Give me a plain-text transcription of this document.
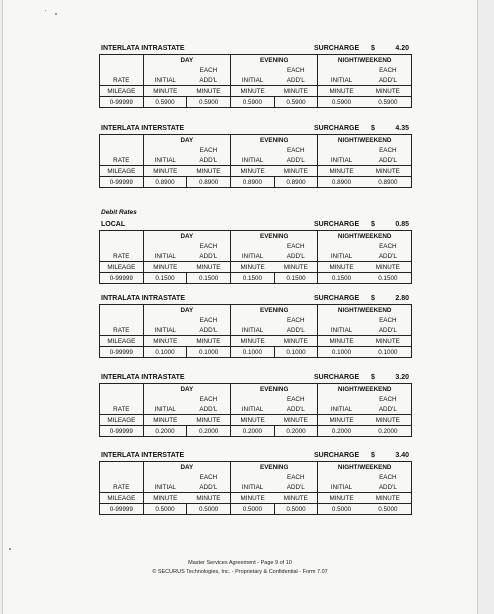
INTERLATA INTRASTATE	SURCHARGE $	4.20
	DAY		EVENING		NIGHT/WEEKEND	
		EACH		EACH		EACH
RATE	INITIAL	ADD'L	INITIAL	ADD'L	INITIAL	ADD'L
MILEAGE	MINUTE	MINUTE	MINUTE	MINUTE	MINUTE	MINUTE
0-99999	0.5900	0.5900	0.5900	0.5900	0.5900	0.5900
INTERLATA INTERSTATE	SURCHARGE $	4.35
	DAY		EVENING		NIGHT/WEEKEND	
		EACH		EACH		EACH
RATE	INITIAL	ADD'L	INITIAL	ADD'L	INITIAL	ADD'L
MILEAGE	MINUTE	MINUTE	MINUTE	MINUTE	MINUTE	MINUTE
0-99999	0.8900	0.8900	0.8900	0.8900	0.8900	0.8900
Debit Rates
LOCAL	SURCHARGE $	0.85
	DAY		EVENING		NIGHT/WEEKEND	
		EACH		EACH		EACH
RATE	INITIAL	ADD'L	INITIAL	ADD'L	INITIAL	ADD'L
MILEAGE	MINUTE	MINUTE	MINUTE	MINUTE	MINUTE	MINUTE
0-99999	0.1500	0.1500	0.1500	0.1500	0.1500	0.1500
INTRALATA INTRASTATE	SURCHARGE $	2.80
	DAY		EVENING		NIGHT/WEEKEND	
		EACH		EACH		EACH
RATE	INITIAL	ADD'L	INITIAL	ADD'L	INITIAL	ADD'L
MILEAGE	MINUTE	MINUTE	MINUTE	MINUTE	MINUTE	MINUTE
0-99999	0.1000	0.1000	0.1000	0.1000	0.1000	0.1000
INTERLATA INTRASTATE	SURCHARGE $	3.20
	DAY		EVENING		NIGHT/WEEKEND	
		EACH		EACH		EACH
RATE	INITIAL	ADD'L	INITIAL	ADD'L	INITIAL	ADD'L
MILEAGE	MINUTE	MINUTE	MINUTE	MINUTE	MINUTE	MINUTE
0-99999	0.2000	0.2000	0.2000	0.2000	0.2000	0.2000
INTERLATA INTERSTATE	SURCHARGE $	3.40
	DAY		EVENING		NIGHT/WEEKEND	
		EACH		EACH		EACH
RATE	INITIAL	ADD'L	INITIAL	ADD'L	INITIAL	ADD'L
MILEAGE	MINUTE	MINUTE	MINUTE	MINUTE	MINUTE	MINUTE
0-99999	0.5000	0.5000	0.5000	0.5000	0.5000	0.5000
Master Services Agreement - Page 9 of 10
© SECURUS Technologies, Inc. - Proprietary & Confidential - Form 7.07
